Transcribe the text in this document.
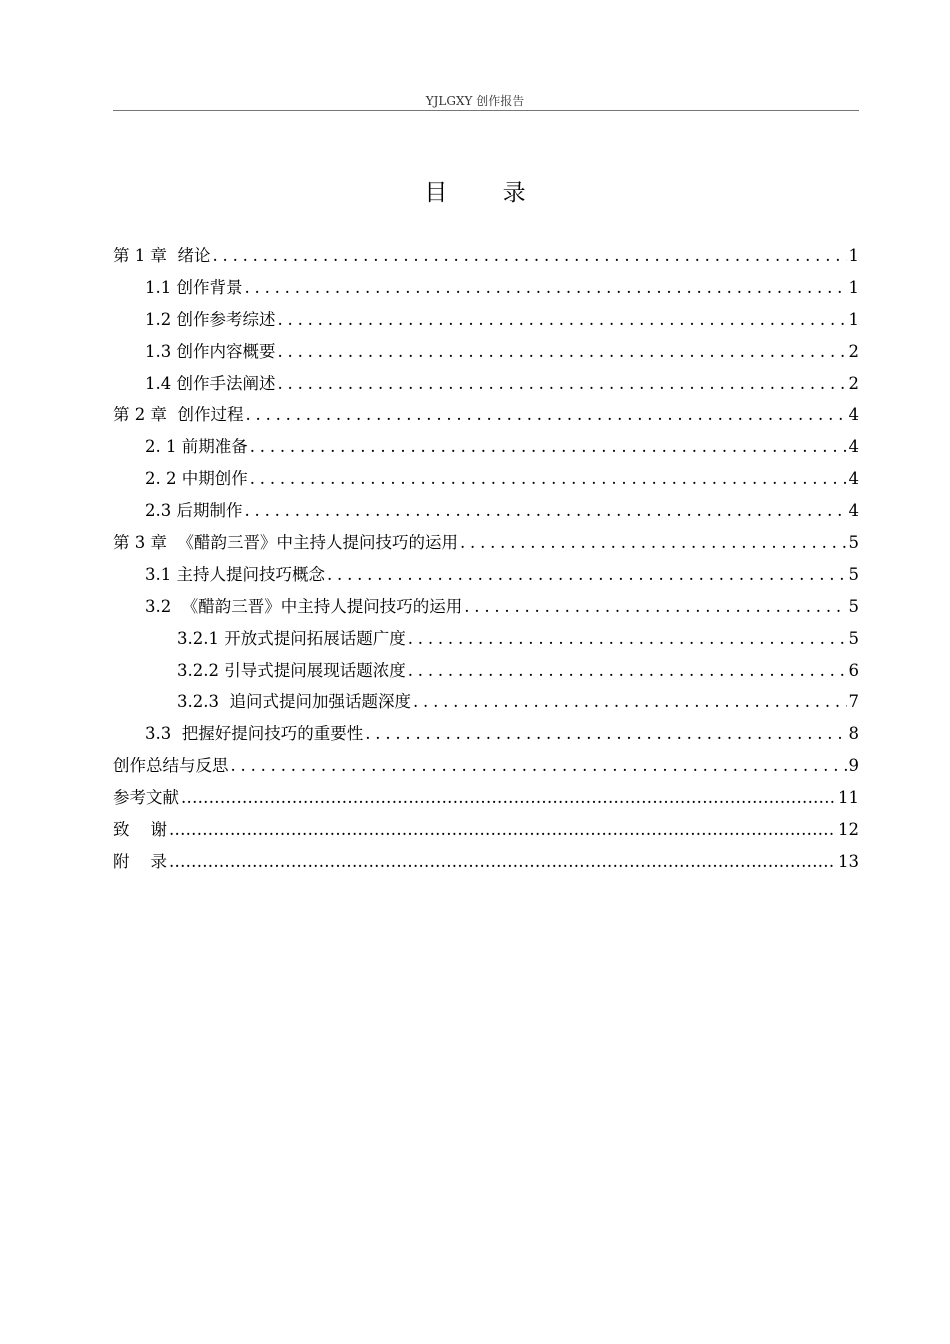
YJLGXY 创作报告
目 录
第 1 章  绪论 .....	1
1.1 创作背景 .....	1
1.2 创作参考综述 .....	1
1.3 创作内容概要 .....	2
1.4 创作手法阐述 .....	2
第 2 章  创作过程 .....	4
2. 1 前期准备 .....	4
2. 2 中期创作 .....	4
2.3 后期制作 .....	4
第 3 章  《醋韵三晋》中主持人提问技巧的运用 .....	5
3.1 主持人提问技巧概念 .....	5
3.2  《醋韵三晋》中主持人提问技巧的运用 .....	5
3.2.1 开放式提问拓展话题广度 .....	5
3.2.2 引导式提问展现话题浓度 .....	6
3.2.3  追问式提问加强话题深度 .....	7
3.3  把握好提问技巧的重要性 .....	8
创作总结与反思 .....	9
参考文献 .....	11
致    谢 .....	12
附    录 .....	13
